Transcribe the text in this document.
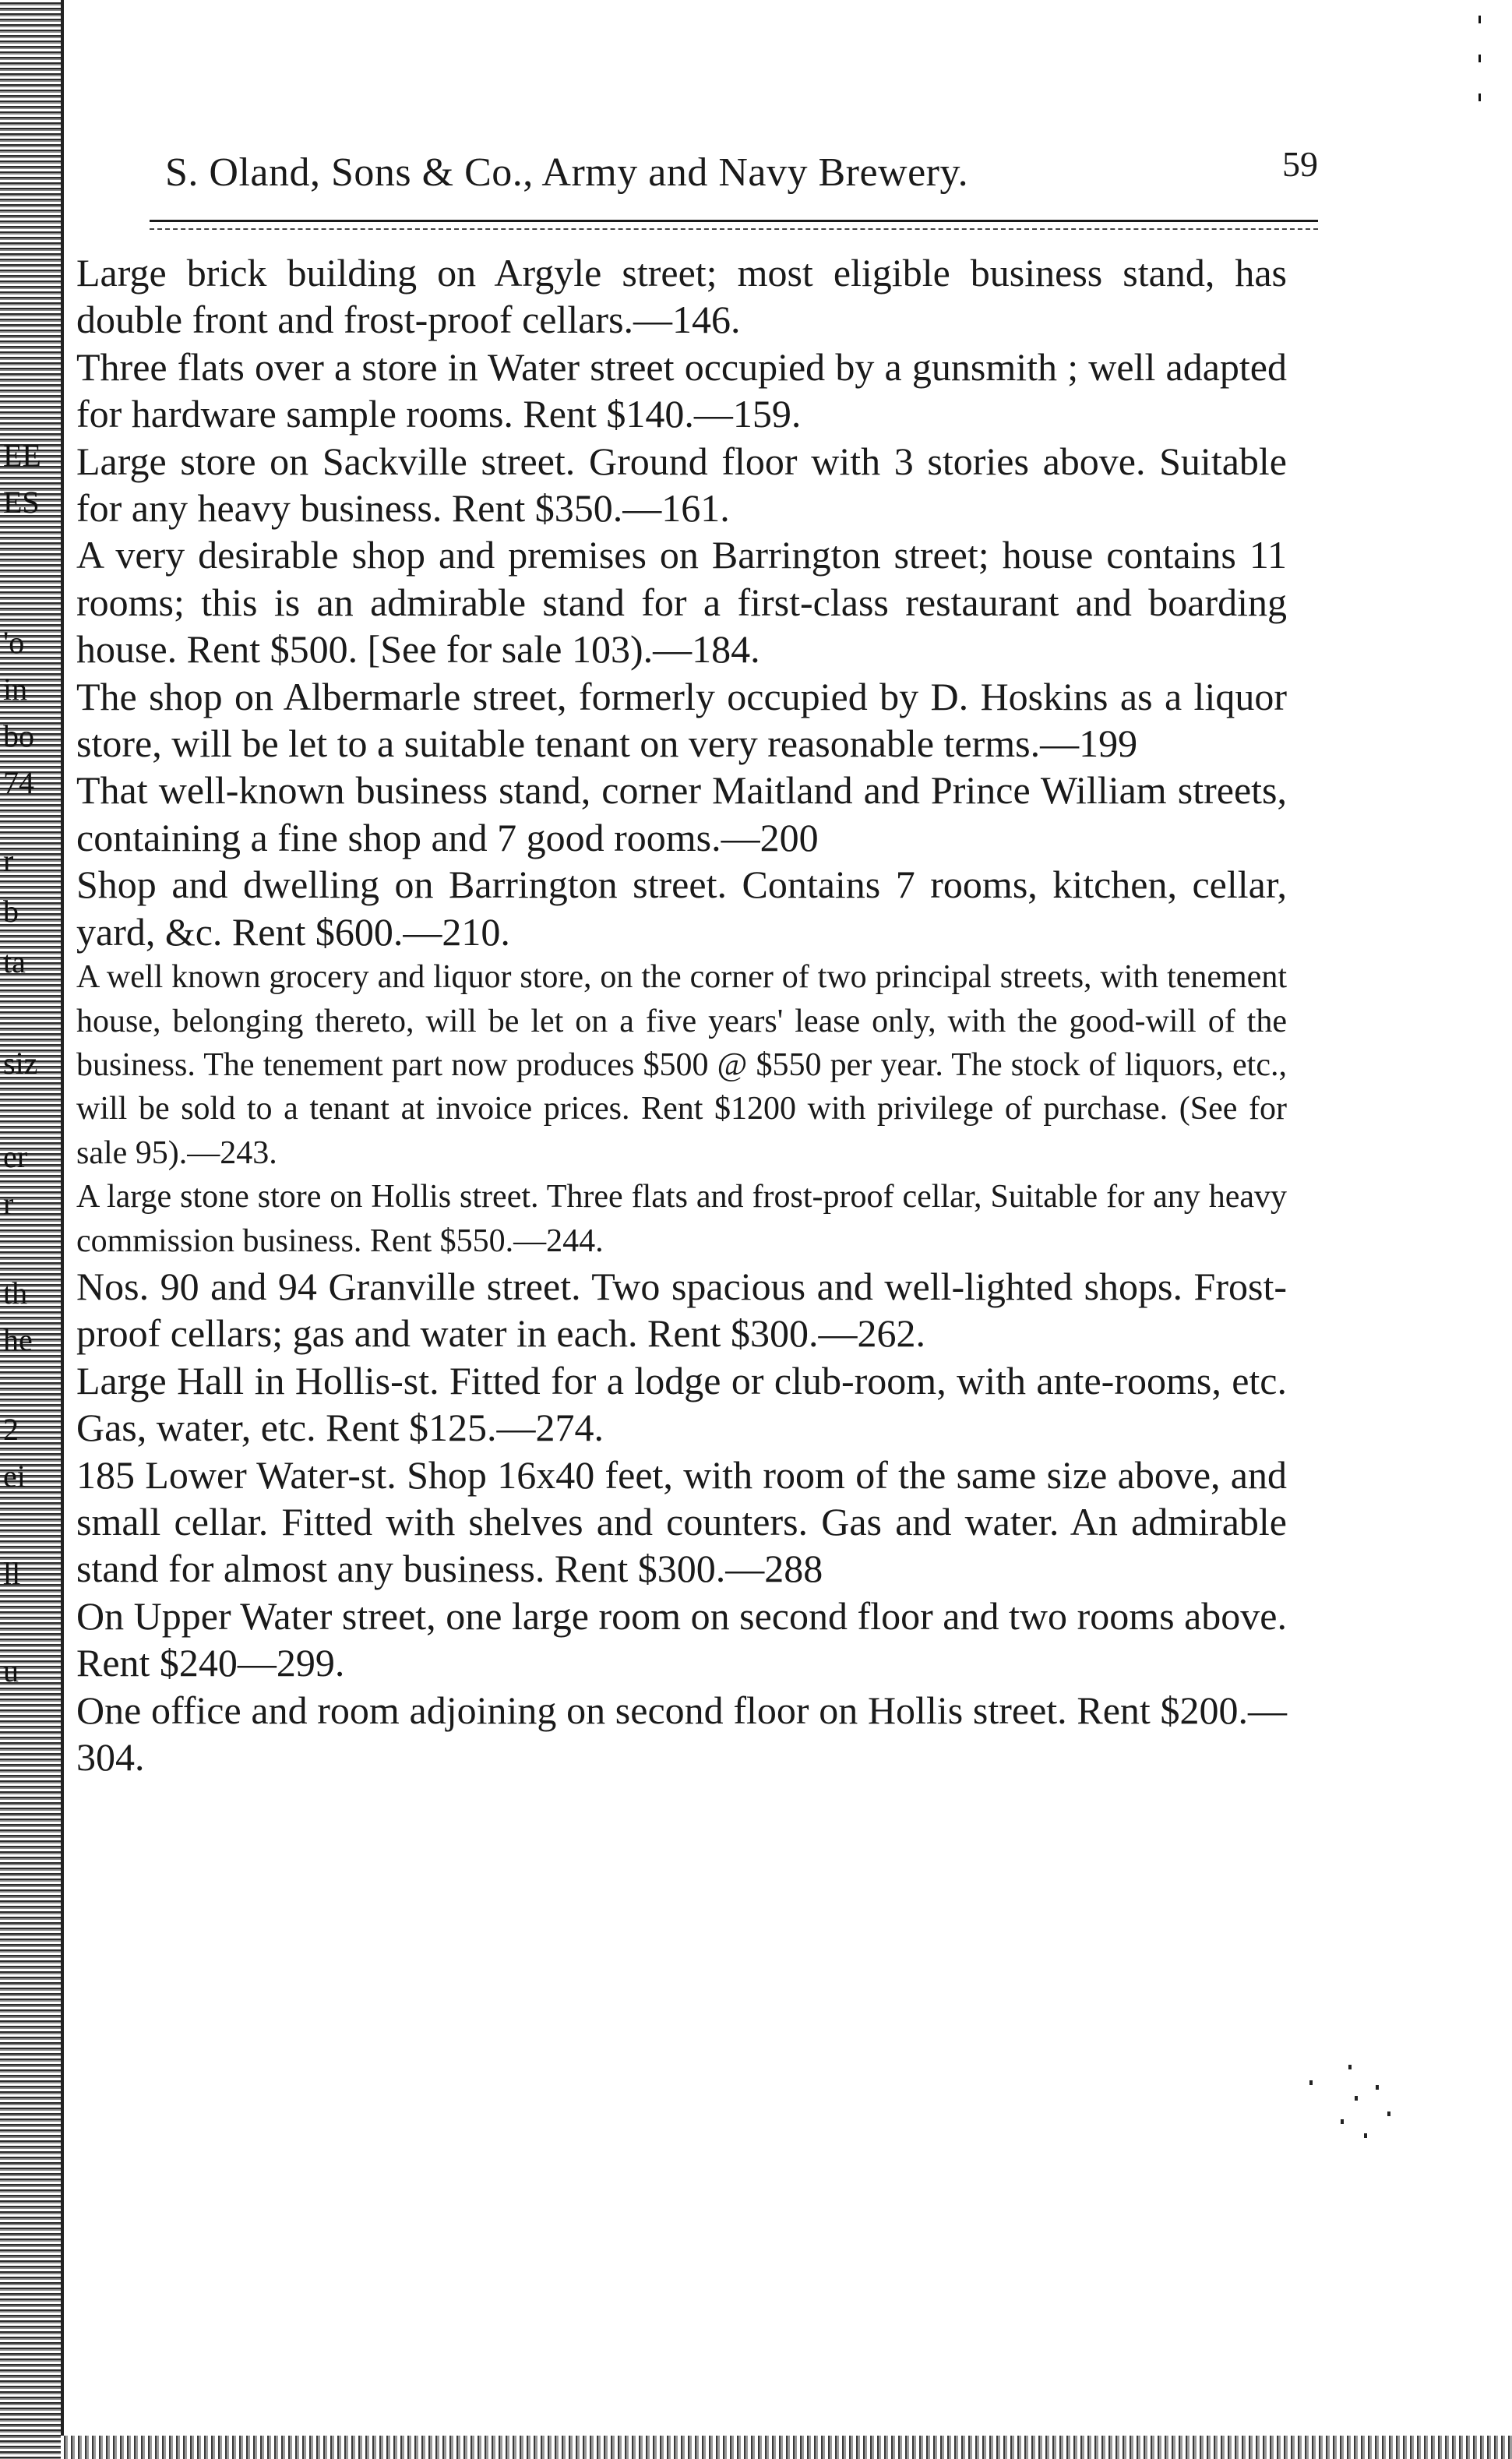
EE
ES
'o
in
bo
74
r
b
ta
siz
er
r
th
he
2
ei
ll
u
S. Oland, Sons & Co., Army and Navy Brewery.	59

Large brick building on Argyle street; most eligible business stand, has double front and frost-proof cellars.—146.

Three flats over a store in Water street occupied by a gunsmith ; well adapted for hardware sample rooms. Rent $140.—159.

Large store on Sackville street. Ground floor with 3 stories above. Suitable for any heavy business. Rent $350.—161.

A very desirable shop and premises on Barrington street; house contains 11 rooms; this is an admirable stand for a first-class restaurant and boarding house. Rent $500. [See for sale 103).—184.

The shop on Albermarle street, formerly occupied by D. Hoskins as a liquor store, will be let to a suitable tenant on very reasonable terms.—199

That well-known business stand, corner Maitland and Prince William streets, containing a fine shop and 7 good rooms.—200

Shop and dwelling on Barrington street. Contains 7 rooms, kitchen, cellar, yard, &c. Rent $600.—210.

A well known grocery and liquor store, on the corner of two principal streets, with tenement house, belonging thereto, will be let on a five years' lease only, with the good-will of the business. The tenement part now produces $500 @ $550 per year. The stock of liquors, etc., will be sold to a tenant at invoice prices. Rent $1200 with privilege of purchase. (See for sale 95).—243.

A large stone store on Hollis street. Three flats and frost-proof cellar, Suitable for any heavy commission business. Rent $550.—244.

Nos. 90 and 94 Granville street. Two spacious and well-lighted shops. Frost-proof cellars; gas and water in each. Rent $300.—262.

Large Hall in Hollis-st. Fitted for a lodge or club-room, with ante-rooms, etc. Gas, water, etc. Rent $125.—274.

185 Lower Water-st. Shop 16x40 feet, with room of the same size above, and small cellar. Fitted with shelves and counters. Gas and water. An admirable stand for almost any business. Rent $300.—288

On Upper Water street, one large room on second floor and two rooms above. Rent $240—299.

One office and room adjoining on second floor on Hollis street. Rent $200.—304.
